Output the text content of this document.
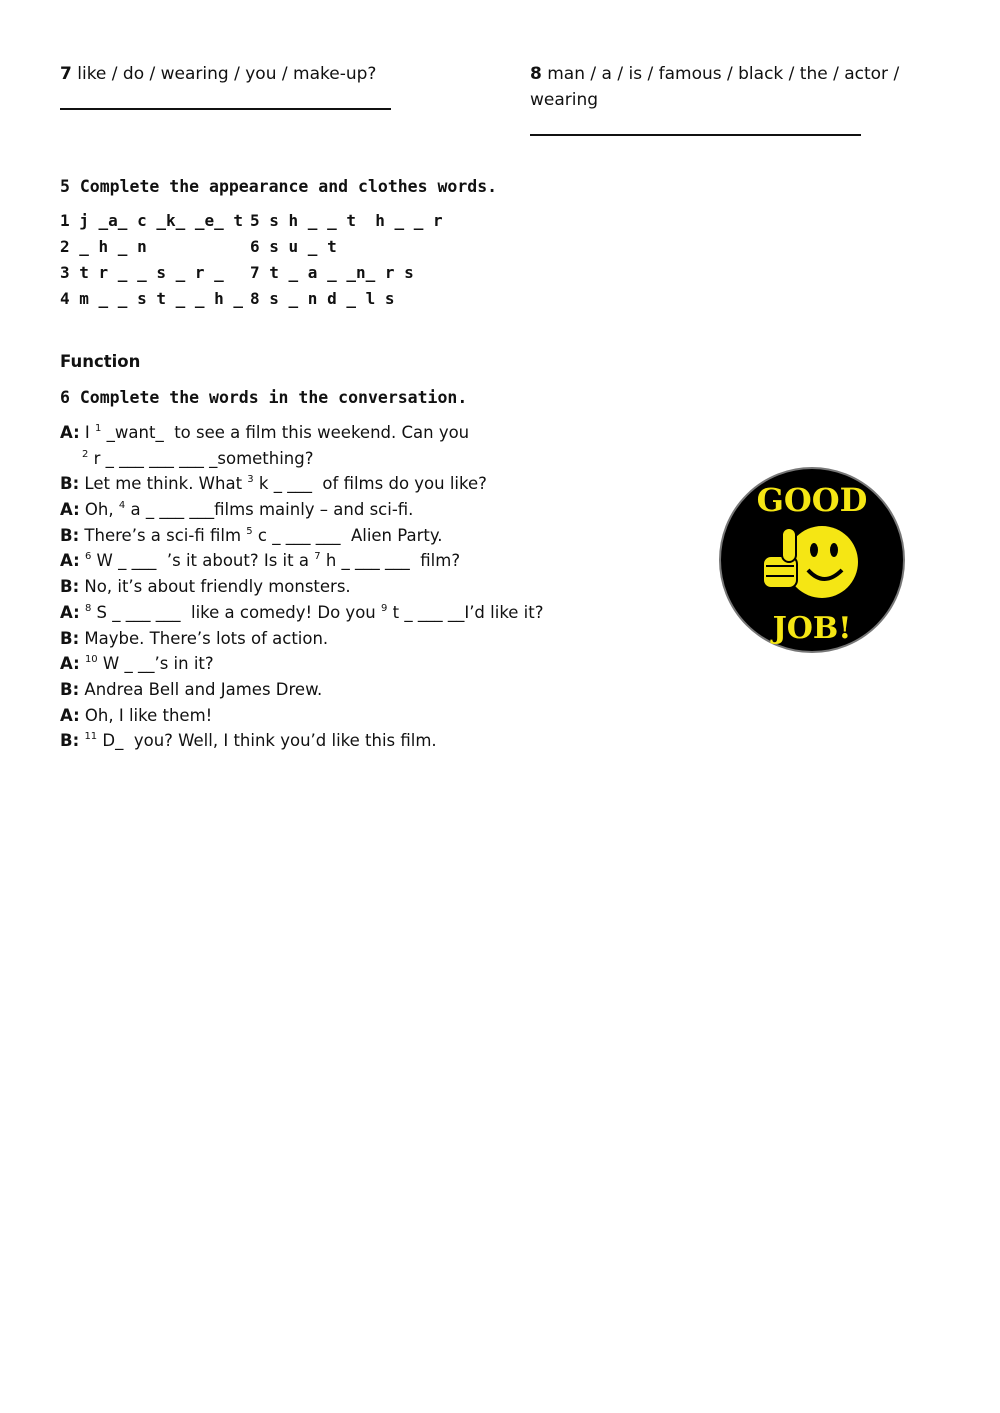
7 like / do / wearing / you / make-up?	8 man / a / is / famous / black / the / actor /
wearing
5 Complete the appearance and clothes words.
1 j _a_ c _k_ _e_ t 5 s h _ _ t  h _ _ r
2 _ h _ n	6 s u _ t
3 t r _ _ s _ r _	7 t _ a _ _n_ r s
4 m _ _ s t _ _ h _ 8 s _ n d _ l s
Function
6 Complete the words in the conversation.
A: I $^1$ _want_  to see a film this weekend. Can you
$^2$ r _ ___ ___ ___ _something?
B: Let me think. What $^3$ k _ ___  of films do you like?
A: Oh, $^4$ a _ ___ ___films mainly – and sci-fi.
B: There’s a sci-fi film $^5$ c _ ___ ___  Alien Party.
A: $^6$ W _ ___  ’s it about? Is it a $^7$ h _ ___ ___  film?
B: No, it’s about friendly monsters.
A: $^8$ S _ ___ ___  like a comedy! Do you $^9$ t _ ___ __I’d like it?
B: Maybe. There’s lots of action.
A: $^{10}$ W _ __’s in it?
B: Andrea Bell and James Drew.
A: Oh, I like them!
B: $^{11}$ D_  you? Well, I think you’d like this film.
GOOD
JOB!
